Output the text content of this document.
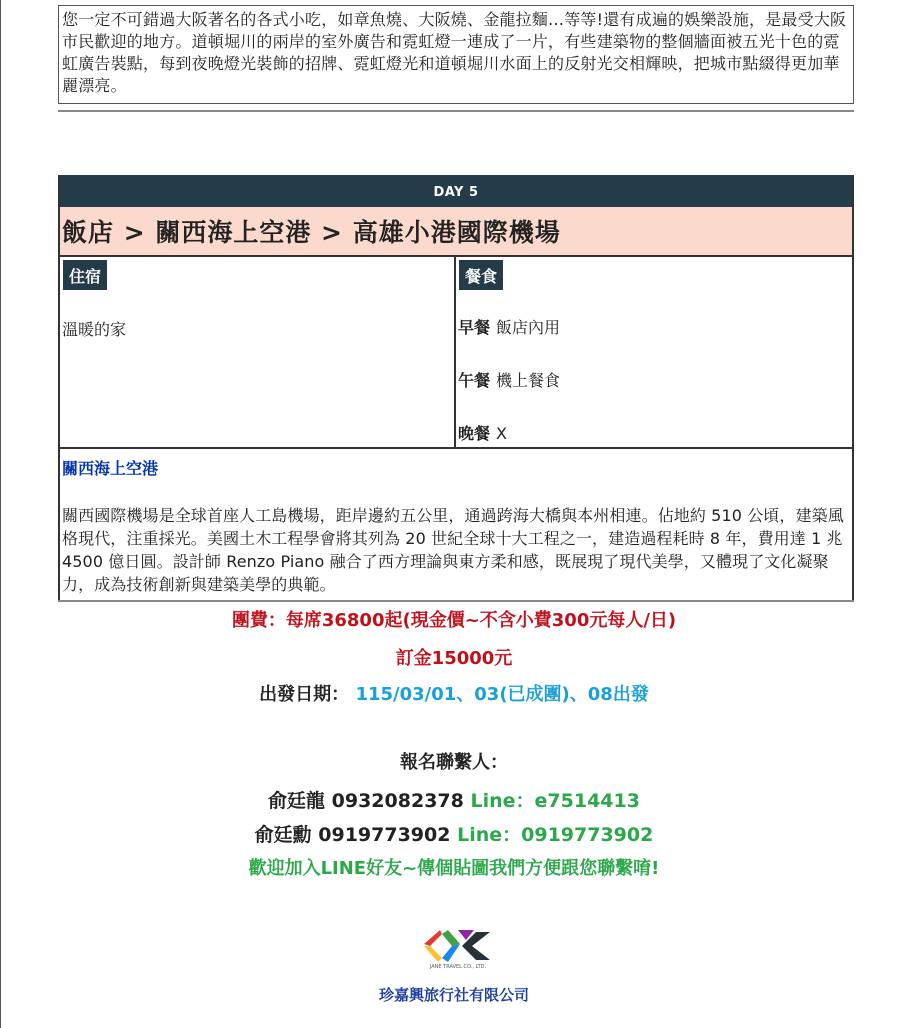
您一定不可錯過大阪著名的各式小吃，如章魚燒、大阪燒、金龍拉麵…等等!還有成遍的娛樂設施，是最受大阪市民歡迎的地方。道頓堀川的兩岸的室外廣告和霓虹燈一連成了一片，有些建築物的整個牆面被五光十色的霓虹廣告裝點，每到夜晚燈光裝飾的招牌、霓虹燈光和道頓堀川水面上的反射光交相輝映，把城市點綴得更加華麗漂亮。
DAY 5
飯店 > 關西海上空港 > 高雄小港國際機場
住宿
溫暖的家
餐食
早餐 飯店內用
午餐 機上餐食
晚餐 X
關西海上空港
關西國際機場是全球首座人工島機場，距岸邊約五公里，通過跨海大橋與本州相連。佔地約 510 公頃，建築風格現代，注重採光。美國土木工程學會將其列為 20 世紀全球十大工程之一，建造過程耗時 8 年，費用達 1 兆 4500 億日圓。設計師 Renzo Piano 融合了西方理論與東方柔和感，既展現了現代美學，又體現了文化凝聚力，成為技術創新與建築美學的典範。
團費：每席36800起(現金價~不含小費300元每人/日)
訂金15000元
出發日期： 115/03/01、03(已成團)、08出發
報名聯繫人：
俞廷龍 0932082378 Line：e7514413
俞廷勳 0919773902 Line：0919773902
歡迎加入LINE好友~傳個貼圖我們方便跟您聯繫唷!
JANE TRAVEL CO., LTD.
珍嘉興旅行社有限公司
